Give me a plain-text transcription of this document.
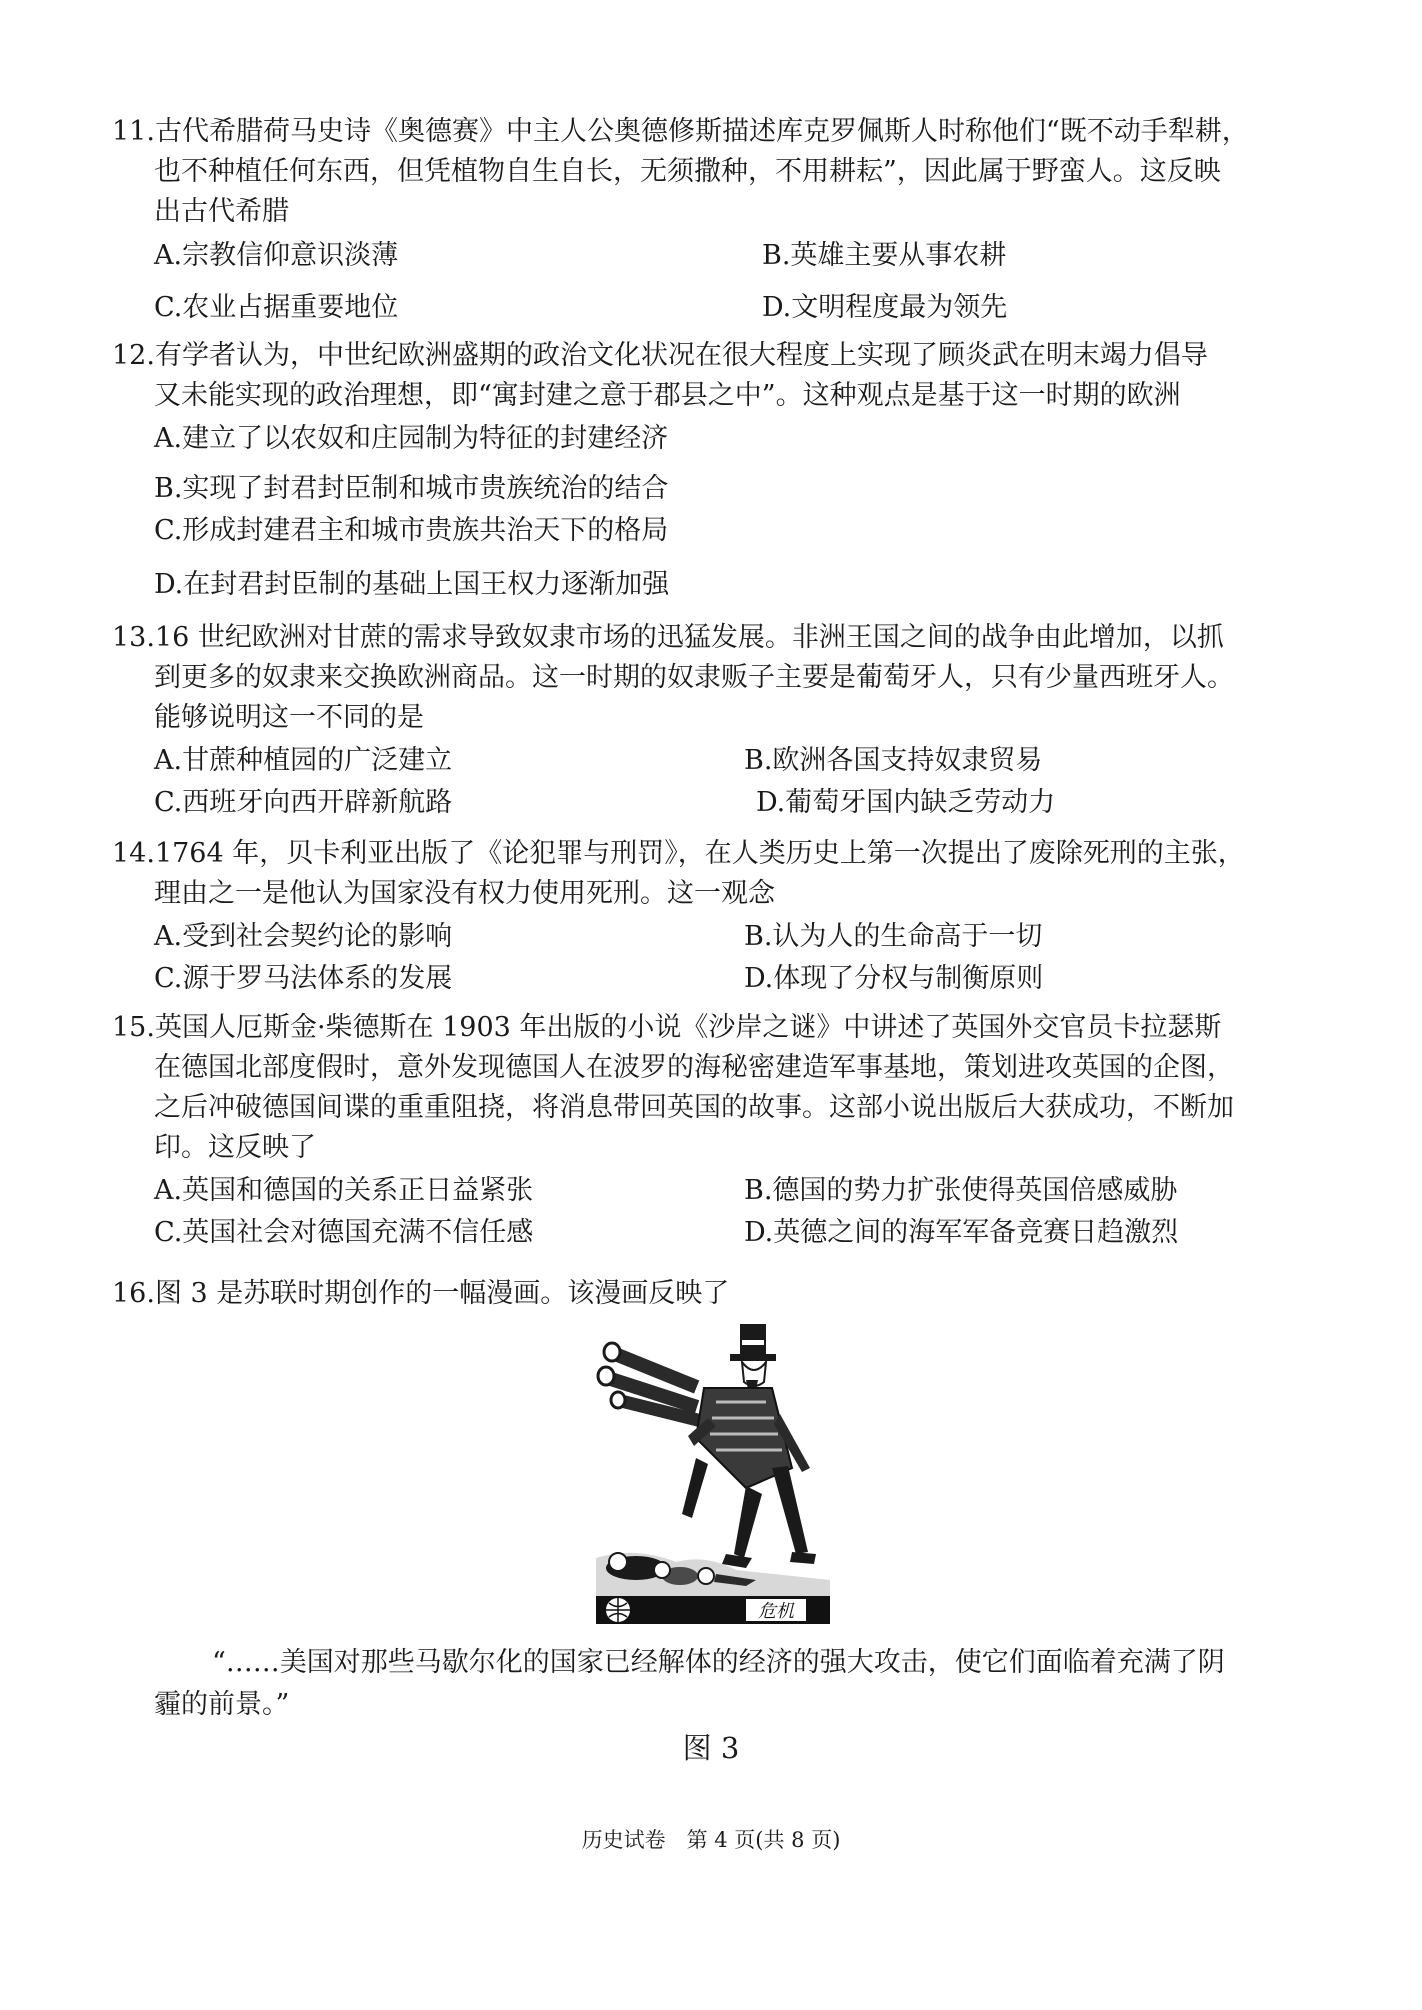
11.古代希腊荷马史诗《奥德赛》中主人公奥德修斯描述库克罗佩斯人时称他们“既不动手犁耕，
也不种植任何东西，但凭植物自生自长，无须撒种，不用耕耘”，因此属于野蛮人。这反映
出古代希腊
A.宗教信仰意识淡薄	B.英雄主要从事农耕
C.农业占据重要地位	D.文明程度最为领先
12.有学者认为，中世纪欧洲盛期的政治文化状况在很大程度上实现了顾炎武在明末竭力倡导
又未能实现的政治理想，即“寓封建之意于郡县之中”。这种观点是基于这一时期的欧洲
A.建立了以农奴和庄园制为特征的封建经济
B.实现了封君封臣制和城市贵族统治的结合
C.形成封建君主和城市贵族共治天下的格局
D.在封君封臣制的基础上国王权力逐渐加强
13.16 世纪欧洲对甘蔗的需求导致奴隶市场的迅猛发展。非洲王国之间的战争由此增加，以抓
到更多的奴隶来交换欧洲商品。这一时期的奴隶贩子主要是葡萄牙人，只有少量西班牙人。
能够说明这一不同的是
A.甘蔗种植园的广泛建立	B.欧洲各国支持奴隶贸易
C.西班牙向西开辟新航路	D.葡萄牙国内缺乏劳动力
14.1764 年，贝卡利亚出版了《论犯罪与刑罚》，在人类历史上第一次提出了废除死刑的主张，
理由之一是他认为国家没有权力使用死刑。这一观念
A.受到社会契约论的影响	B.认为人的生命高于一切
C.源于罗马法体系的发展	D.体现了分权与制衡原则
15.英国人厄斯金·柴德斯在 1903 年出版的小说《沙岸之谜》中讲述了英国外交官员卡拉瑟斯
在德国北部度假时，意外发现德国人在波罗的海秘密建造军事基地，策划进攻英国的企图，
之后冲破德国间谍的重重阻挠，将消息带回英国的故事。这部小说出版后大获成功，不断加
印。这反映了
A.英国和德国的关系正日益紧张	B.德国的势力扩张使得英国倍感威胁
C.英国社会对德国充满不信任感	D.英德之间的海军军备竞赛日趋激烈
16.图 3 是苏联时期创作的一幅漫画。该漫画反映了
危机
“……美国对那些马歇尔化的国家已经解体的经济的强大攻击，使它们面临着充满了阴
霾的前景。”
图 3
历史试卷　第 4 页(共 8 页)
